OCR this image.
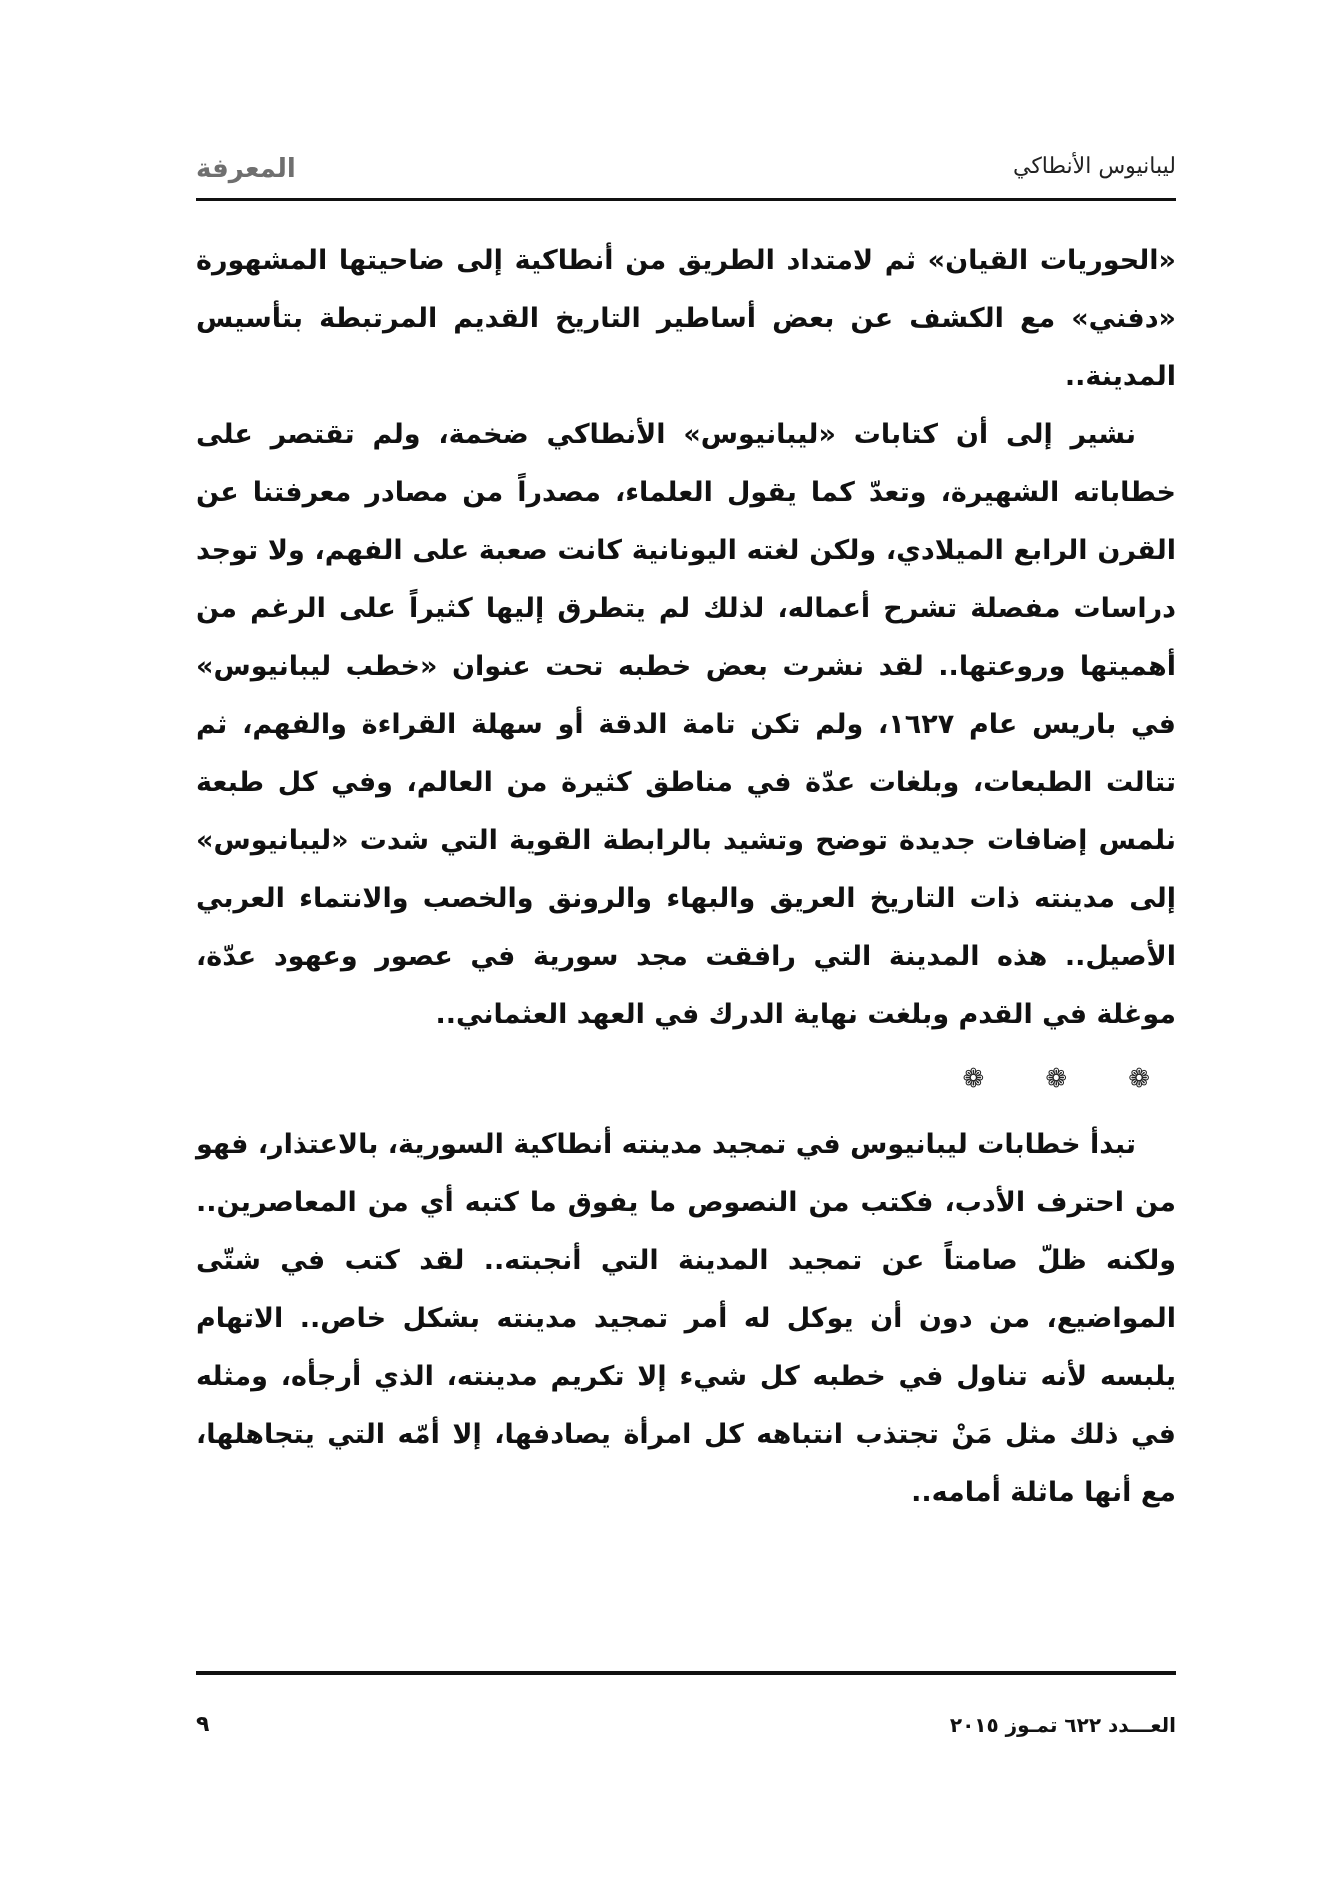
ليبانيوس الأنطاكي
المعرفة

«الحوريات القيان» ثم لامتداد الطريق من أنطاكية إلى ضاحيتها المشهورة «دفني» مع الكشف عن بعض أساطير التاريخ القديم المرتبطة بتأسيس المدينة..

نشير إلى أن كتابات «ليبانيوس» الأنطاكي ضخمة، ولم تقتصر على خطاباته الشهيرة، وتعدّ كما يقول العلماء، مصدراً من مصادر معرفتنا عن القرن الرابع الميلادي، ولكن لغته اليونانية كانت صعبة على الفهم، ولا توجد دراسات مفصلة تشرح أعماله، لذلك لم يتطرق إليها كثيراً على الرغم من أهميتها وروعتها.. لقد نشرت بعض خطبه تحت عنوان «خطب ليبانيوس» في باريس عام ١٦٢٧، ولم تكن تامة الدقة أو سهلة القراءة والفهم، ثم تتالت الطبعات، وبلغات عدّة في مناطق كثيرة من العالم، وفي كل طبعة نلمس إضافات جديدة توضح وتشيد بالرابطة القوية التي شدت «ليبانيوس» إلى مدينته ذات التاريخ العريق والبهاء والرونق والخصب والانتماء العربي الأصيل.. هذه المدينة التي رافقت مجد سورية في عصور وعهود عدّة، موغلة في القدم وبلغت نهاية الدرك في العهد العثماني..

❁ ❁ ❁

تبدأ خطابات ليبانيوس في تمجيد مدينته أنطاكية السورية، بالاعتذار، فهو من احترف الأدب، فكتب من النصوص ما يفوق ما كتبه أي من المعاصرين.. ولكنه ظلّ صامتاً عن تمجيد المدينة التي أنجبته.. لقد كتب في شتّى المواضيع، من دون أن يوكل له أمر تمجيد مدينته بشكل خاص.. الاتهام يلبسه لأنه تناول في خطبه كل شيء إلا تكريم مدينته، الذي أرجأه، ومثله في ذلك مثل مَنْ تجتذب انتباهه كل امرأة يصادفها، إلا أمّه التي يتجاهلها، مع أنها ماثلة أمامه..

العـــدد ٦٢٢ تمـوز ٢٠١٥
٩
